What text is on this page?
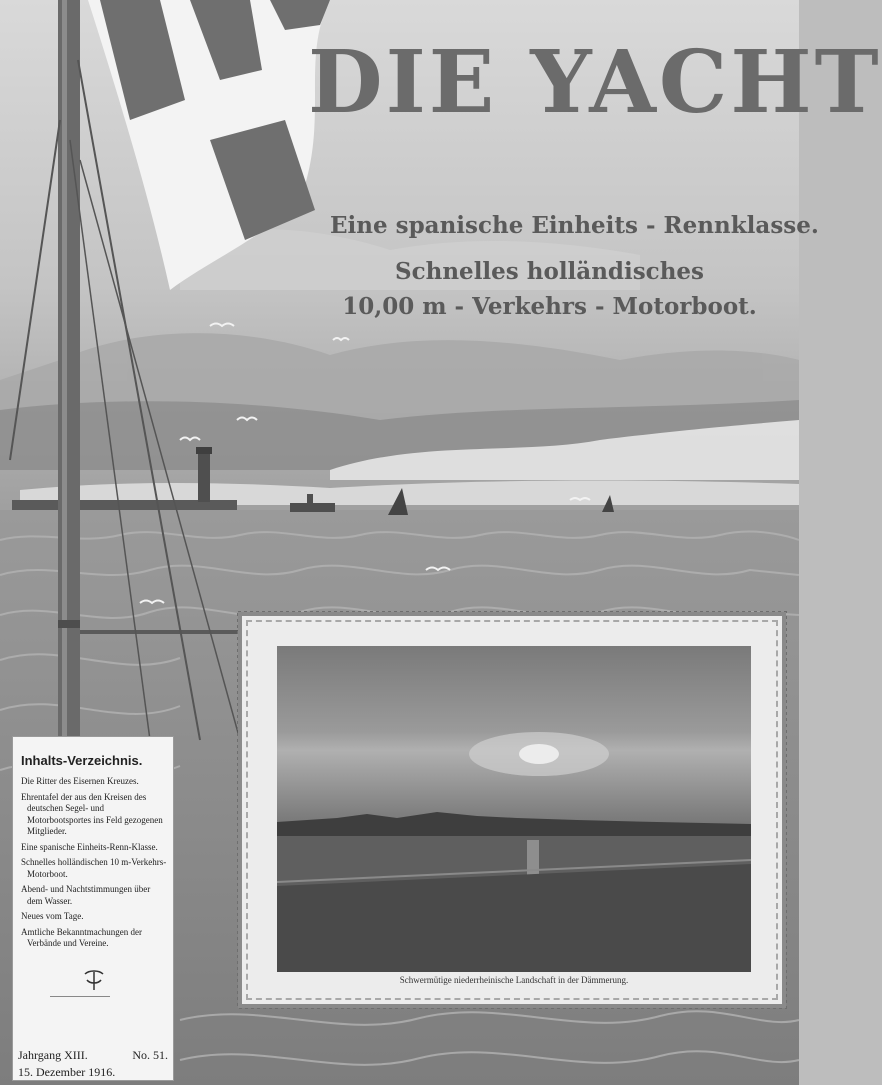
DIE YACHT
Eine spanische Einheits - Rennklasse.
Schnelles holländisches
10,00 m - Verkehrs - Motorboot.
Schwermütige niederrheinische Landschaft in der Dämmerung.
Inhalts-Verzeichnis.
Die Ritter des Eisernen Kreuzes.
Ehrentafel der aus den Kreisen des deutschen Segel- und Motorbootsportes ins Feld gezogenen Mitglieder.
Eine spanische Einheits-Renn-Klasse.
Schnelles holländischen 10 m-Verkehrs-Motorboot.
Abend- und Nachtstimmungen über dem Wasser.
Neues vom Tage.
Amtliche Bekanntmachungen der Verbände und Vereine.
Jahrgang XIII.	No. 51.
15. Dezember 1916.
